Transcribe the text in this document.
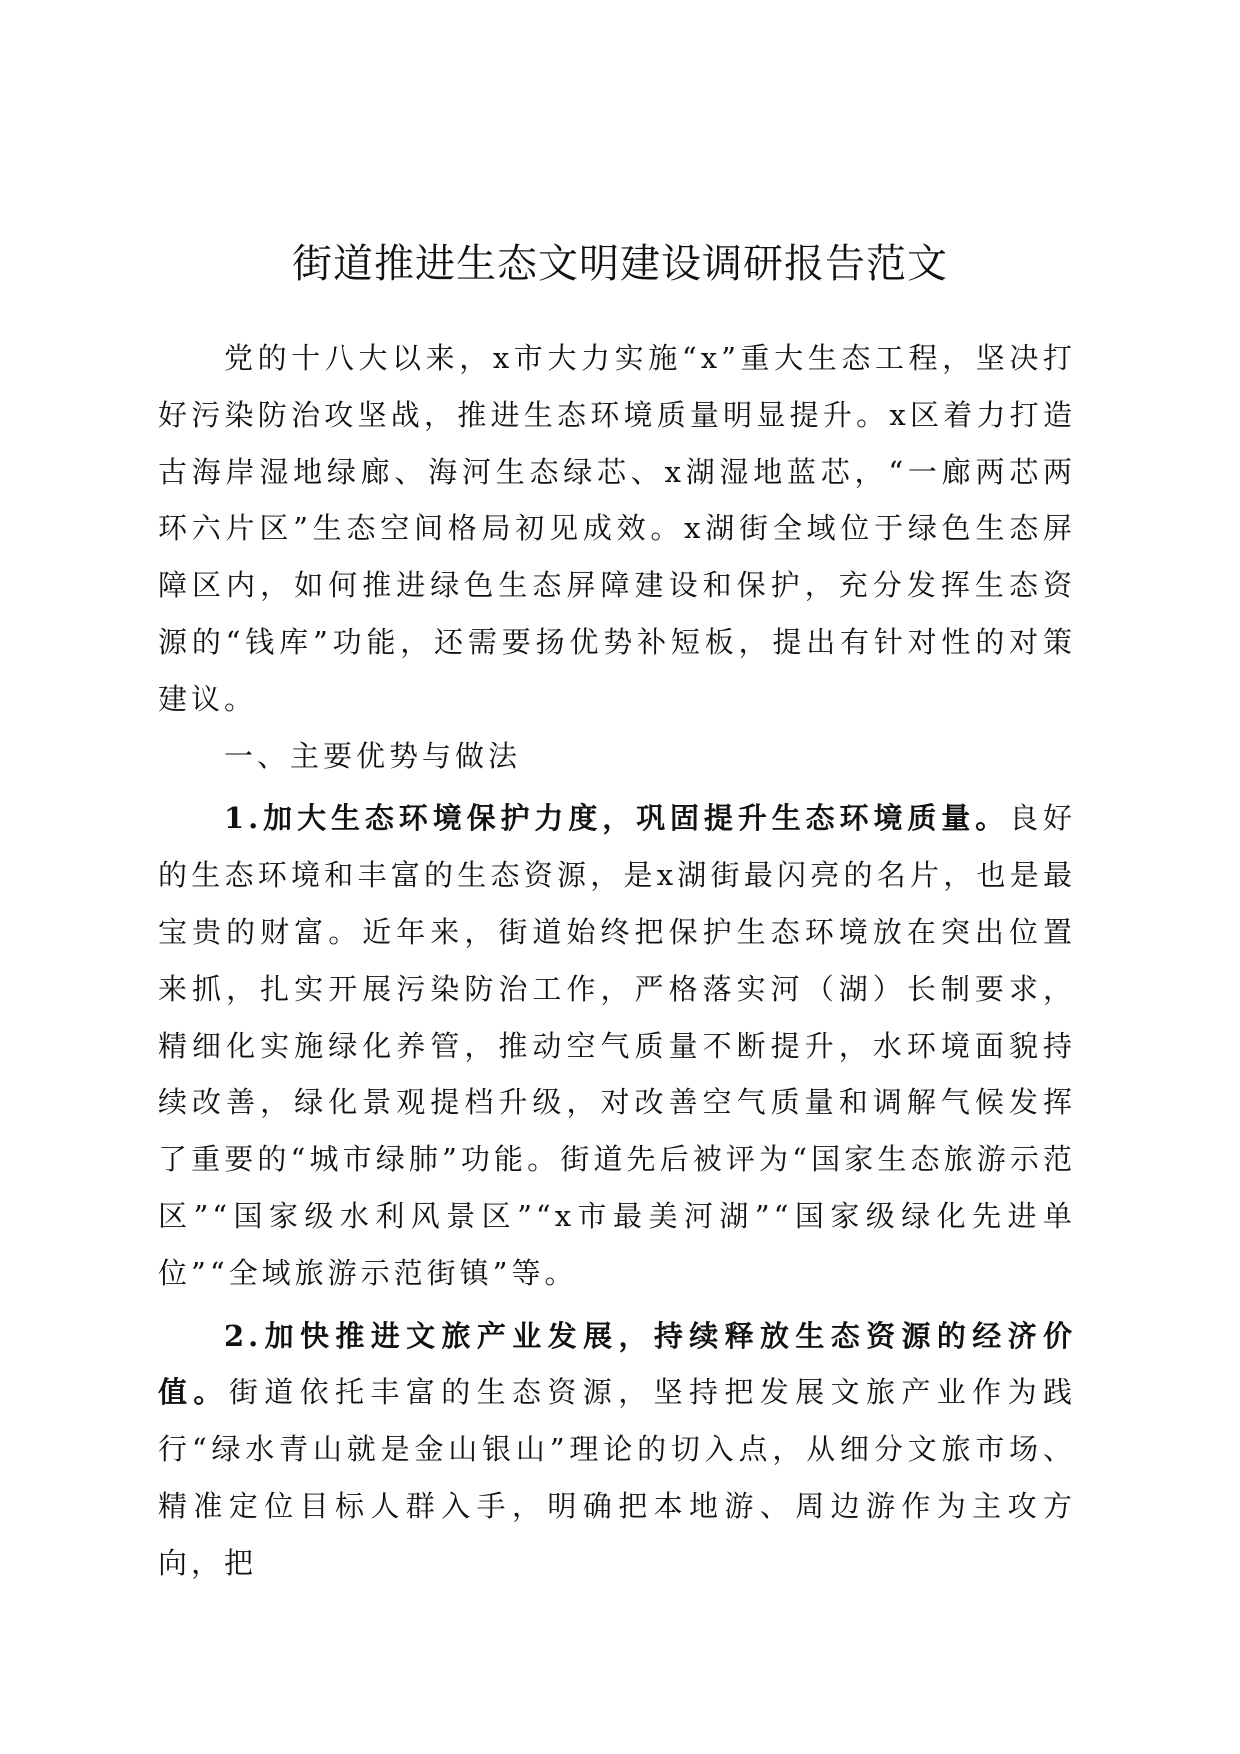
街道推进生态文明建设调研报告范文

党的十八大以来，x市大力实施“x”重大生态工程，坚决打好污染防治攻坚战，推进生态环境质量明显提升。x区着力打造古海岸湿地绿廊、海河生态绿芯、x湖湿地蓝芯，“一廊两芯两环六片区”生态空间格局初见成效。x湖街全域位于绿色生态屏障区内，如何推进绿色生态屏障建设和保护，充分发挥生态资源的“钱库”功能，还需要扬优势补短板，提出有针对性的对策建议。

一、主要优势与做法

1.加大生态环境保护力度，巩固提升生态环境质量。良好的生态环境和丰富的生态资源，是x湖街最闪亮的名片，也是最宝贵的财富。近年来，街道始终把保护生态环境放在突出位置来抓，扎实开展污染防治工作，严格落实河（湖）长制要求，精细化实施绿化养管，推动空气质量不断提升，水环境面貌持续改善，绿化景观提档升级，对改善空气质量和调解气候发挥了重要的“城市绿肺”功能。街道先后被评为“国家生态旅游示范区”“国家级水利风景区”“x市最美河湖”“国家级绿化先进单位”“全域旅游示范街镇”等。

2.加快推进文旅产业发展，持续释放生态资源的经济价值。街道依托丰富的生态资源，坚持把发展文旅产业作为践行“绿水青山就是金山银山”理论的切入点，从细分文旅市场、精准定位目标人群入手，明确把本地游、周边游作为主攻方向，把
